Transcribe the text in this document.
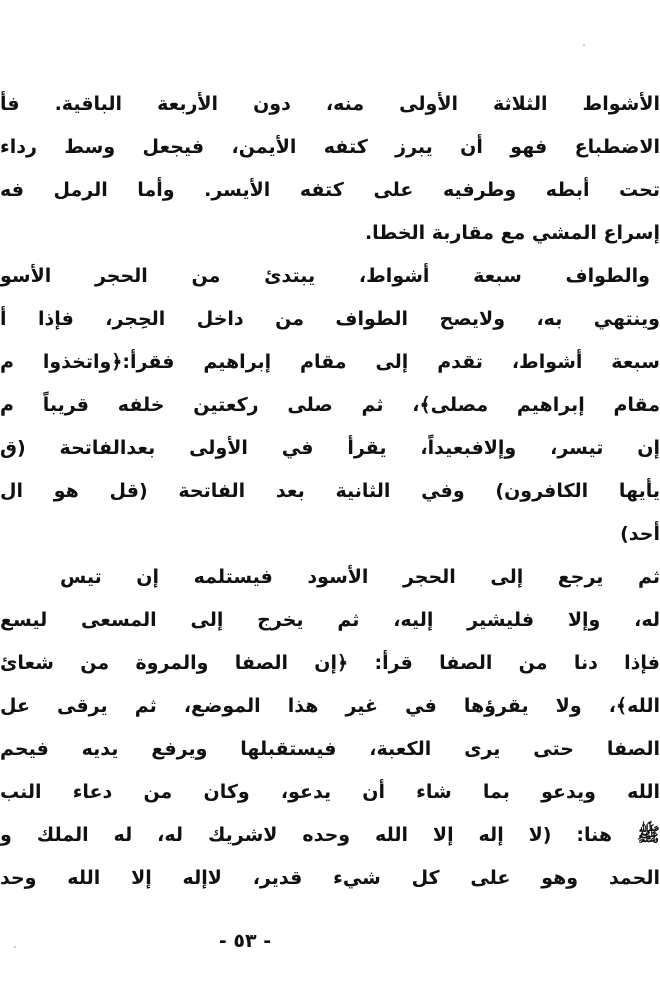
الأشواط الثلاثة الأولى منه، دون الأربعة الباقية. فأ
الاضطباع فهو أن يبرز كتفه الأيمن، فيجعل وسط رداء
تحت أبطه وطرفيه على كتفه الأيسر. وأما الرمل فه
إسراع المشي مع مقاربة الخطا.
والطواف سبعة أشواط، يبتدئ من الحجر الأسو
وينتهي به، ولايصح الطواف من داخل الحِجر، فإذا أ
سبعة أشواط، تقدم إلى مقام إبراهيم فقرأ:﴿واتخذوا م
مقام إبراهيم مصلى﴾، ثم صلى ركعتين خلفه قريباً م
إن تيسر، وإلافبعيداً، يقرأ في الأولى بعدالفاتحة (ق
يأيها الكافرون) وفي الثانية بعد الفاتحة (قل هو ال
أحد)
ثم يرجع إلى الحجر الأسود فيستلمه إن تيس
له، وإلا فليشير إليه، ثم يخرج إلى المسعى ليسع
فإذا دنا من الصفا قرأ: ﴿إن الصفا والمروة من شعائ
الله﴾، ولا يقرؤها في غير هذا الموضع، ثم يرقى عل
الصفا حتى يرى الكعبة، فيستقبلها ويرفع يديه فيحم
الله ويدعو بما شاء أن يدعو، وكان من دعاء النب
ﷺ هنا: (لا إله إلا الله وحده لاشريك له، له الملك و
الحمد وهو على كل شيء قدير، لاإله إلا الله وحد
- ٥٣ -
